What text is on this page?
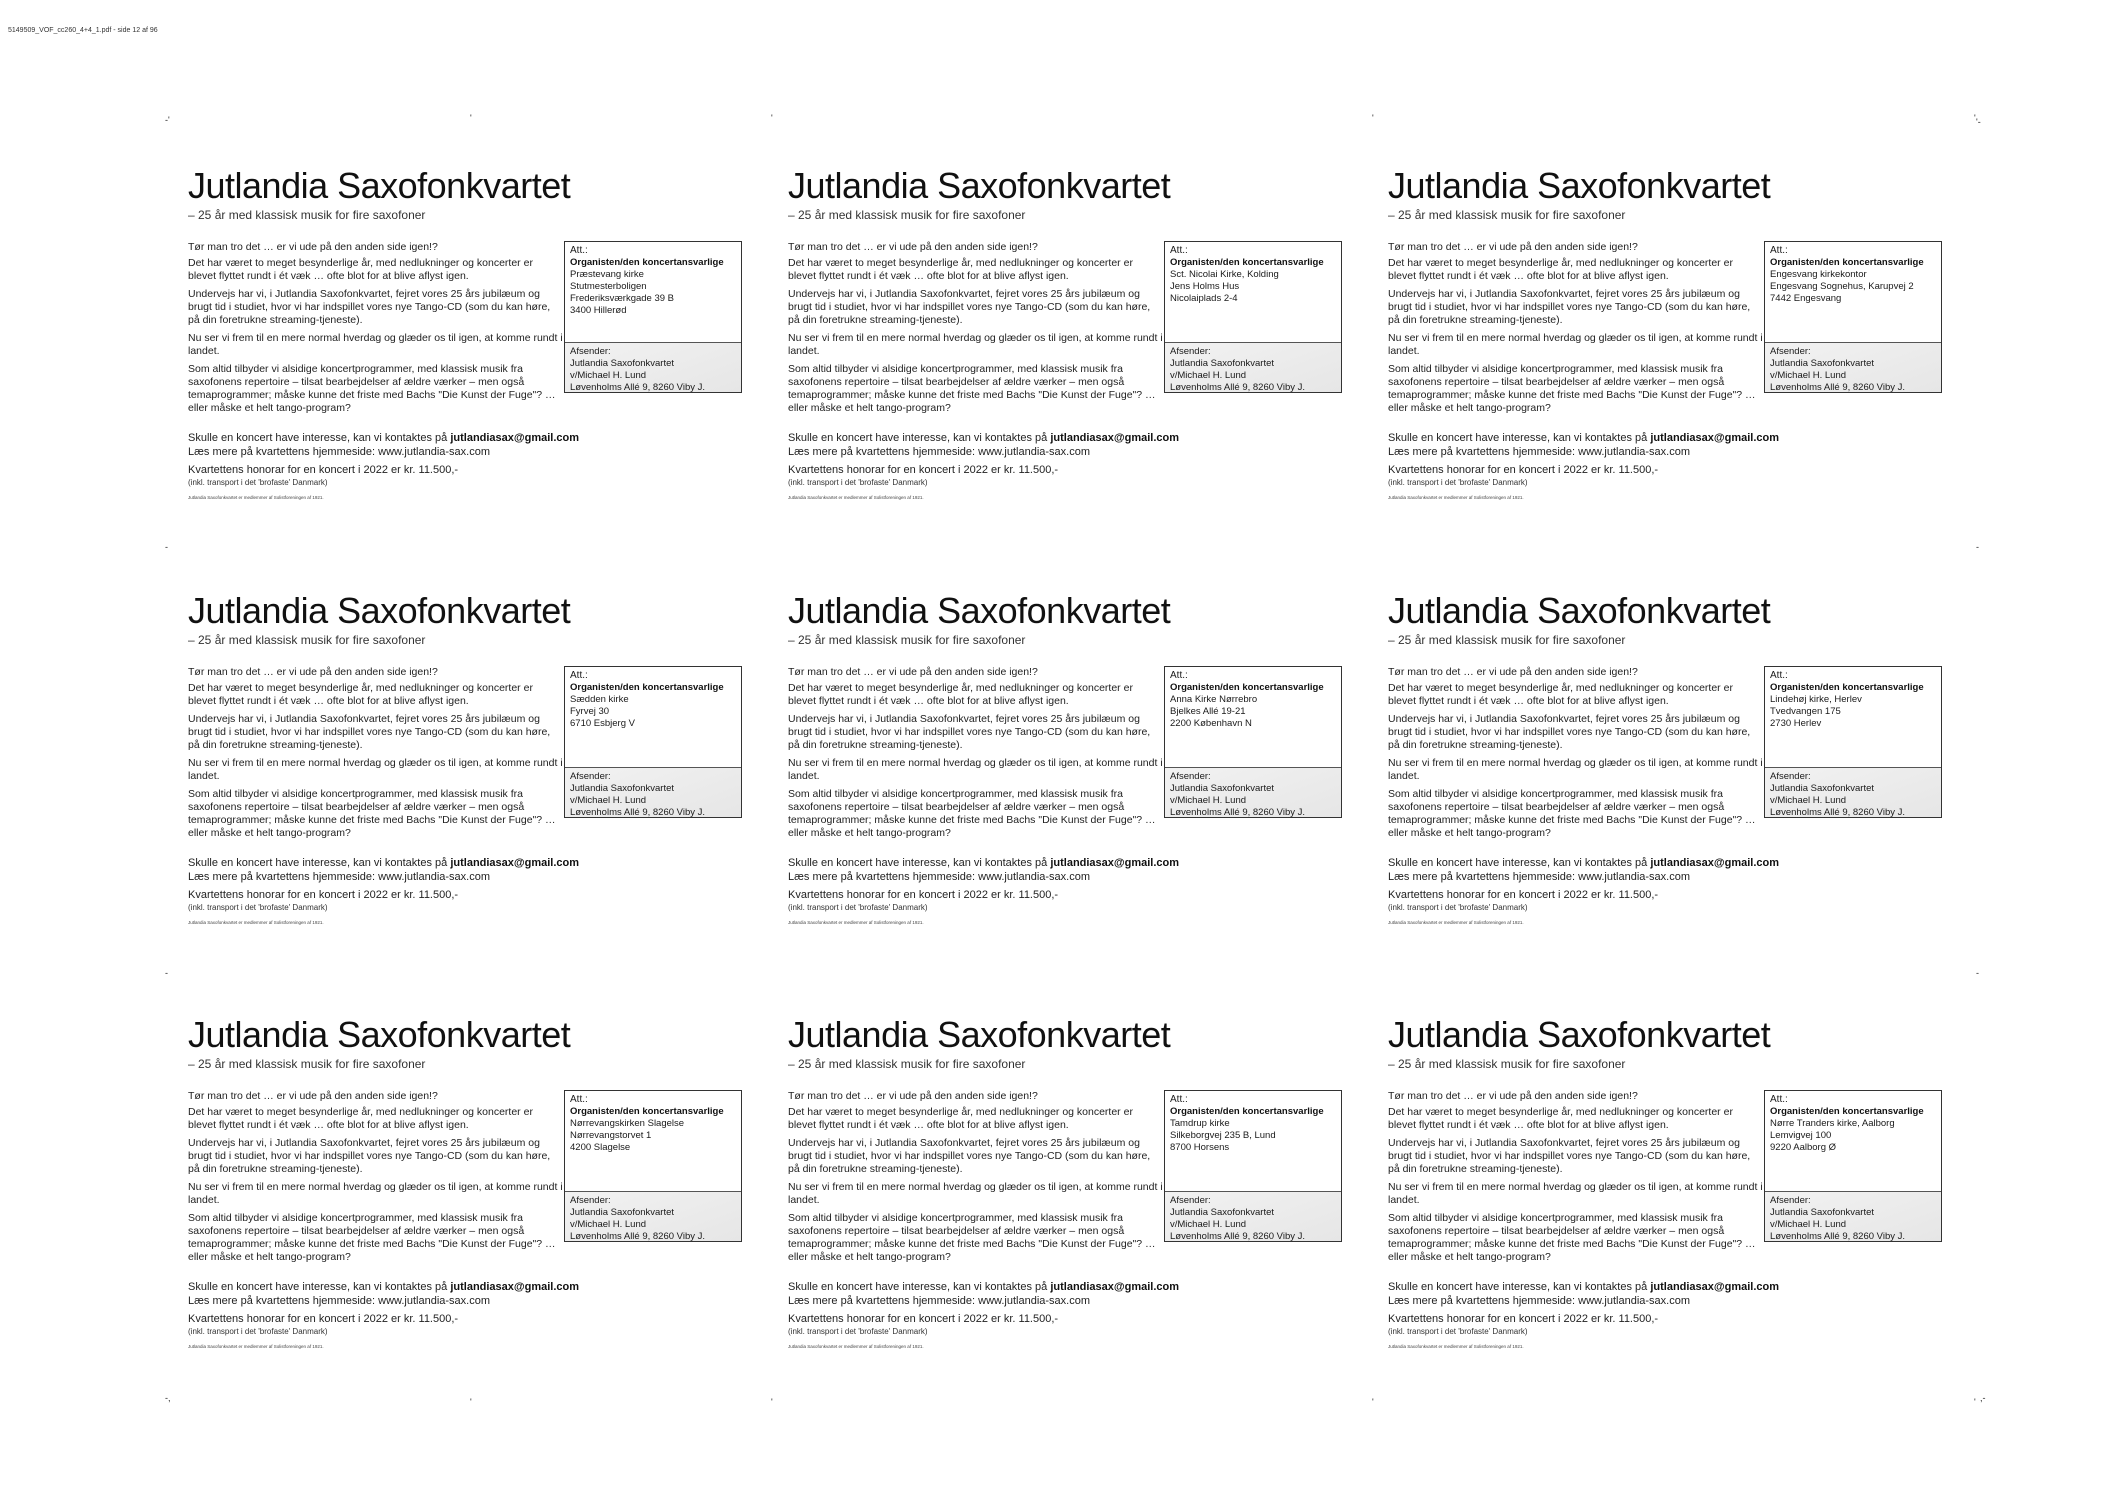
5149509_VOF_cc260_4+4_1.pdf - side 12 af 96
-'	'	'	'	' '-
-	-
-	-
-,	'	'	'	' ,-
Jutlandia Saxofonkvartet
– 25 år med klassisk musik for fire saxofoner

Tør man tro det … er vi ude på den anden side igen!?

Det har været to meget besynderlige år, med nedlukninger og koncerter er blevet flyttet rundt i ét væk … ofte blot for at blive aflyst igen.

Undervejs har vi, i Jutlandia Saxofonkvartet, fejret vores 25 års jubilæum og brugt tid i studiet, hvor vi har indspillet vores nye Tango-CD (som du kan høre, på din foretrukne streaming-tjeneste).

Nu ser vi frem til en mere normal hverdag og glæder os til igen, at komme rundt i landet.

Som altid tilbyder vi alsidige koncertprogrammer, med klassisk musik fra saxofonens repertoire – tilsat bearbejdelser af ældre værker – men også temaprogrammer; måske kunne det friste med Bachs "Die Kunst der Fuge"? … eller måske et helt tango-program?

Skulle en koncert have interesse, kan vi kontaktes på jutlandiasax@gmail.com

Læs mere på kvartettens hjemmeside: www.jutlandia-sax.com

Kvartettens honorar for en koncert i 2022 er kr. 11.500,-
(inkl. transport i det 'brofaste' Danmark)
Jutlandia Saxofonkvartet er medlemmer af Solistforeningen af 1921.
Att.:
Organisten/den koncertansvarlige
Præstevang kirke
Stutmesterboligen
Frederiksværkgade 39 B
3400 Hillerød
Afsender:
Jutlandia Saxofonkvartet
v/Michael H. Lund
Løvenholms Allé 9, 8260 Viby J.
Jutlandia Saxofonkvartet
– 25 år med klassisk musik for fire saxofoner

Tør man tro det … er vi ude på den anden side igen!?

Det har været to meget besynderlige år, med nedlukninger og koncerter er blevet flyttet rundt i ét væk … ofte blot for at blive aflyst igen.

Undervejs har vi, i Jutlandia Saxofonkvartet, fejret vores 25 års jubilæum og brugt tid i studiet, hvor vi har indspillet vores nye Tango-CD (som du kan høre, på din foretrukne streaming-tjeneste).

Nu ser vi frem til en mere normal hverdag og glæder os til igen, at komme rundt i landet.

Som altid tilbyder vi alsidige koncertprogrammer, med klassisk musik fra saxofonens repertoire – tilsat bearbejdelser af ældre værker – men også temaprogrammer; måske kunne det friste med Bachs "Die Kunst der Fuge"? … eller måske et helt tango-program?

Skulle en koncert have interesse, kan vi kontaktes på jutlandiasax@gmail.com

Læs mere på kvartettens hjemmeside: www.jutlandia-sax.com

Kvartettens honorar for en koncert i 2022 er kr. 11.500,-
(inkl. transport i det 'brofaste' Danmark)
Jutlandia Saxofonkvartet er medlemmer af Solistforeningen af 1921.
Att.:
Organisten/den koncertansvarlige
Sct. Nicolai Kirke, Kolding
Jens Holms Hus
Nicolaiplads 2-4
Afsender:
Jutlandia Saxofonkvartet
v/Michael H. Lund
Løvenholms Allé 9, 8260 Viby J.
Jutlandia Saxofonkvartet
– 25 år med klassisk musik for fire saxofoner

Tør man tro det … er vi ude på den anden side igen!?

Det har været to meget besynderlige år, med nedlukninger og koncerter er blevet flyttet rundt i ét væk … ofte blot for at blive aflyst igen.

Undervejs har vi, i Jutlandia Saxofonkvartet, fejret vores 25 års jubilæum og brugt tid i studiet, hvor vi har indspillet vores nye Tango-CD (som du kan høre, på din foretrukne streaming-tjeneste).

Nu ser vi frem til en mere normal hverdag og glæder os til igen, at komme rundt i landet.

Som altid tilbyder vi alsidige koncertprogrammer, med klassisk musik fra saxofonens repertoire – tilsat bearbejdelser af ældre værker – men også temaprogrammer; måske kunne det friste med Bachs "Die Kunst der Fuge"? … eller måske et helt tango-program?

Skulle en koncert have interesse, kan vi kontaktes på jutlandiasax@gmail.com

Læs mere på kvartettens hjemmeside: www.jutlandia-sax.com

Kvartettens honorar for en koncert i 2022 er kr. 11.500,-
(inkl. transport i det 'brofaste' Danmark)
Jutlandia Saxofonkvartet er medlemmer af Solistforeningen af 1921.
Att.:
Organisten/den koncertansvarlige
Engesvang kirkekontor
Engesvang Sognehus, Karupvej 2
7442 Engesvang
Afsender:
Jutlandia Saxofonkvartet
v/Michael H. Lund
Løvenholms Allé 9, 8260 Viby J.
Jutlandia Saxofonkvartet
– 25 år med klassisk musik for fire saxofoner

Tør man tro det … er vi ude på den anden side igen!?

Det har været to meget besynderlige år, med nedlukninger og koncerter er blevet flyttet rundt i ét væk … ofte blot for at blive aflyst igen.

Undervejs har vi, i Jutlandia Saxofonkvartet, fejret vores 25 års jubilæum og brugt tid i studiet, hvor vi har indspillet vores nye Tango-CD (som du kan høre, på din foretrukne streaming-tjeneste).

Nu ser vi frem til en mere normal hverdag og glæder os til igen, at komme rundt i landet.

Som altid tilbyder vi alsidige koncertprogrammer, med klassisk musik fra saxofonens repertoire – tilsat bearbejdelser af ældre værker – men også temaprogrammer; måske kunne det friste med Bachs "Die Kunst der Fuge"? … eller måske et helt tango-program?

Skulle en koncert have interesse, kan vi kontaktes på jutlandiasax@gmail.com

Læs mere på kvartettens hjemmeside: www.jutlandia-sax.com

Kvartettens honorar for en koncert i 2022 er kr. 11.500,-
(inkl. transport i det 'brofaste' Danmark)
Jutlandia Saxofonkvartet er medlemmer af Solistforeningen af 1921.
Att.:
Organisten/den koncertansvarlige
Sædden kirke
Fyrvej 30
6710 Esbjerg V
Afsender:
Jutlandia Saxofonkvartet
v/Michael H. Lund
Løvenholms Allé 9, 8260 Viby J.
Jutlandia Saxofonkvartet
– 25 år med klassisk musik for fire saxofoner

Tør man tro det … er vi ude på den anden side igen!?

Det har været to meget besynderlige år, med nedlukninger og koncerter er blevet flyttet rundt i ét væk … ofte blot for at blive aflyst igen.

Undervejs har vi, i Jutlandia Saxofonkvartet, fejret vores 25 års jubilæum og brugt tid i studiet, hvor vi har indspillet vores nye Tango-CD (som du kan høre, på din foretrukne streaming-tjeneste).

Nu ser vi frem til en mere normal hverdag og glæder os til igen, at komme rundt i landet.

Som altid tilbyder vi alsidige koncertprogrammer, med klassisk musik fra saxofonens repertoire – tilsat bearbejdelser af ældre værker – men også temaprogrammer; måske kunne det friste med Bachs "Die Kunst der Fuge"? … eller måske et helt tango-program?

Skulle en koncert have interesse, kan vi kontaktes på jutlandiasax@gmail.com

Læs mere på kvartettens hjemmeside: www.jutlandia-sax.com

Kvartettens honorar for en koncert i 2022 er kr. 11.500,-
(inkl. transport i det 'brofaste' Danmark)
Jutlandia Saxofonkvartet er medlemmer af Solistforeningen af 1921.
Att.:
Organisten/den koncertansvarlige
Anna Kirke Nørrebro
Bjelkes Allé 19-21
2200 København N
Afsender:
Jutlandia Saxofonkvartet
v/Michael H. Lund
Løvenholms Allé 9, 8260 Viby J.
Jutlandia Saxofonkvartet
– 25 år med klassisk musik for fire saxofoner

Tør man tro det … er vi ude på den anden side igen!?

Det har været to meget besynderlige år, med nedlukninger og koncerter er blevet flyttet rundt i ét væk … ofte blot for at blive aflyst igen.

Undervejs har vi, i Jutlandia Saxofonkvartet, fejret vores 25 års jubilæum og brugt tid i studiet, hvor vi har indspillet vores nye Tango-CD (som du kan høre, på din foretrukne streaming-tjeneste).

Nu ser vi frem til en mere normal hverdag og glæder os til igen, at komme rundt i landet.

Som altid tilbyder vi alsidige koncertprogrammer, med klassisk musik fra saxofonens repertoire – tilsat bearbejdelser af ældre værker – men også temaprogrammer; måske kunne det friste med Bachs "Die Kunst der Fuge"? … eller måske et helt tango-program?

Skulle en koncert have interesse, kan vi kontaktes på jutlandiasax@gmail.com

Læs mere på kvartettens hjemmeside: www.jutlandia-sax.com

Kvartettens honorar for en koncert i 2022 er kr. 11.500,-
(inkl. transport i det 'brofaste' Danmark)
Jutlandia Saxofonkvartet er medlemmer af Solistforeningen af 1921.
Att.:
Organisten/den koncertansvarlige
Lindehøj kirke, Herlev
Tvedvangen 175
2730 Herlev
Afsender:
Jutlandia Saxofonkvartet
v/Michael H. Lund
Løvenholms Allé 9, 8260 Viby J.
Jutlandia Saxofonkvartet
– 25 år med klassisk musik for fire saxofoner

Tør man tro det … er vi ude på den anden side igen!?

Det har været to meget besynderlige år, med nedlukninger og koncerter er blevet flyttet rundt i ét væk … ofte blot for at blive aflyst igen.

Undervejs har vi, i Jutlandia Saxofonkvartet, fejret vores 25 års jubilæum og brugt tid i studiet, hvor vi har indspillet vores nye Tango-CD (som du kan høre, på din foretrukne streaming-tjeneste).

Nu ser vi frem til en mere normal hverdag og glæder os til igen, at komme rundt i landet.

Som altid tilbyder vi alsidige koncertprogrammer, med klassisk musik fra saxofonens repertoire – tilsat bearbejdelser af ældre værker – men også temaprogrammer; måske kunne det friste med Bachs "Die Kunst der Fuge"? … eller måske et helt tango-program?

Skulle en koncert have interesse, kan vi kontaktes på jutlandiasax@gmail.com

Læs mere på kvartettens hjemmeside: www.jutlandia-sax.com

Kvartettens honorar for en koncert i 2022 er kr. 11.500,-
(inkl. transport i det 'brofaste' Danmark)
Jutlandia Saxofonkvartet er medlemmer af Solistforeningen af 1921.
Att.:
Organisten/den koncertansvarlige
Nørrevangskirken Slagelse
Nørrevangstorvet 1
4200 Slagelse
Afsender:
Jutlandia Saxofonkvartet
v/Michael H. Lund
Løvenholms Allé 9, 8260 Viby J.
Jutlandia Saxofonkvartet
– 25 år med klassisk musik for fire saxofoner

Tør man tro det … er vi ude på den anden side igen!?

Det har været to meget besynderlige år, med nedlukninger og koncerter er blevet flyttet rundt i ét væk … ofte blot for at blive aflyst igen.

Undervejs har vi, i Jutlandia Saxofonkvartet, fejret vores 25 års jubilæum og brugt tid i studiet, hvor vi har indspillet vores nye Tango-CD (som du kan høre, på din foretrukne streaming-tjeneste).

Nu ser vi frem til en mere normal hverdag og glæder os til igen, at komme rundt i landet.

Som altid tilbyder vi alsidige koncertprogrammer, med klassisk musik fra saxofonens repertoire – tilsat bearbejdelser af ældre værker – men også temaprogrammer; måske kunne det friste med Bachs "Die Kunst der Fuge"? … eller måske et helt tango-program?

Skulle en koncert have interesse, kan vi kontaktes på jutlandiasax@gmail.com

Læs mere på kvartettens hjemmeside: www.jutlandia-sax.com

Kvartettens honorar for en koncert i 2022 er kr. 11.500,-
(inkl. transport i det 'brofaste' Danmark)
Jutlandia Saxofonkvartet er medlemmer af Solistforeningen af 1921.
Att.:
Organisten/den koncertansvarlige
Tamdrup kirke
Silkeborgvej 235 B, Lund
8700 Horsens
Afsender:
Jutlandia Saxofonkvartet
v/Michael H. Lund
Løvenholms Allé 9, 8260 Viby J.
Jutlandia Saxofonkvartet
– 25 år med klassisk musik for fire saxofoner

Tør man tro det … er vi ude på den anden side igen!?

Det har været to meget besynderlige år, med nedlukninger og koncerter er blevet flyttet rundt i ét væk … ofte blot for at blive aflyst igen.

Undervejs har vi, i Jutlandia Saxofonkvartet, fejret vores 25 års jubilæum og brugt tid i studiet, hvor vi har indspillet vores nye Tango-CD (som du kan høre, på din foretrukne streaming-tjeneste).

Nu ser vi frem til en mere normal hverdag og glæder os til igen, at komme rundt i landet.

Som altid tilbyder vi alsidige koncertprogrammer, med klassisk musik fra saxofonens repertoire – tilsat bearbejdelser af ældre værker – men også temaprogrammer; måske kunne det friste med Bachs "Die Kunst der Fuge"? … eller måske et helt tango-program?

Skulle en koncert have interesse, kan vi kontaktes på jutlandiasax@gmail.com

Læs mere på kvartettens hjemmeside: www.jutlandia-sax.com

Kvartettens honorar for en koncert i 2022 er kr. 11.500,-
(inkl. transport i det 'brofaste' Danmark)
Jutlandia Saxofonkvartet er medlemmer af Solistforeningen af 1921.
Att.:
Organisten/den koncertansvarlige
Nørre Tranders kirke, Aalborg
Lemvigvej 100
9220 Aalborg Ø
Afsender:
Jutlandia Saxofonkvartet
v/Michael H. Lund
Løvenholms Allé 9, 8260 Viby J.
